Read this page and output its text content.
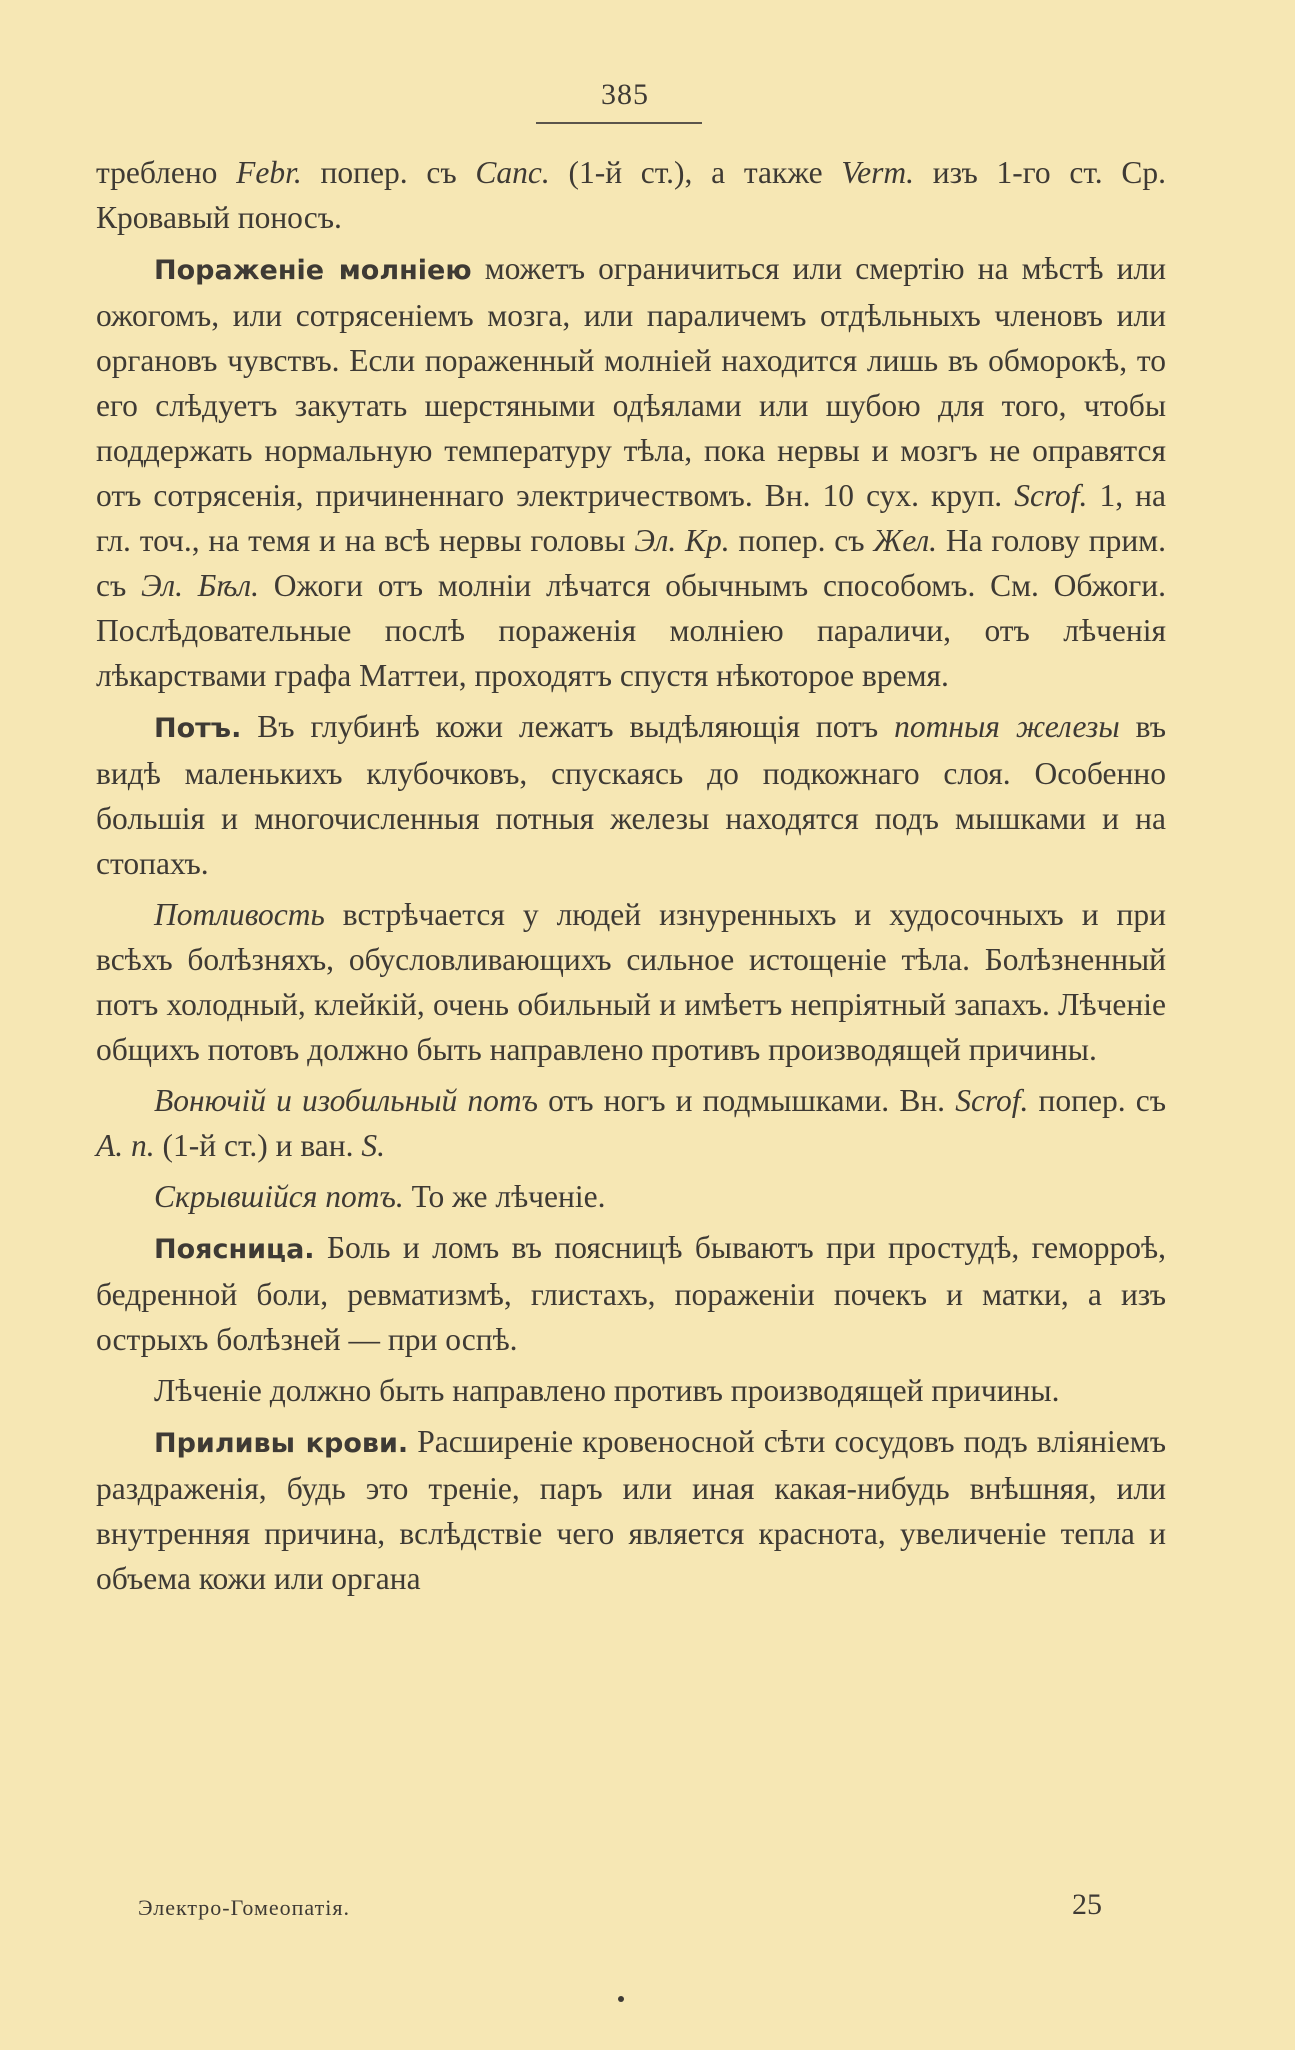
385

треблено Febr. попер. съ Canc. (1-й ст.), а также Verm. изъ 1-го ст. Ср. Кровавый поносъ.

Пораженіе молніею можетъ ограничиться или смертію на мѣстѣ или ожогомъ, или сотрясеніемъ мозга, или параличемъ отдѣльныхъ членовъ или органовъ чувствъ. Если пораженный молніей находится лишь въ обморокѣ, то его слѣдуетъ закутать шерстяными одѣялами или шубою для того, чтобы поддержать нормальную температуру тѣла, пока нервы и мозгъ не оправятся отъ сотрясенія, причиненнаго электричествомъ. Вн. 10 сух. круп. Scrof. 1, на гл. точ., на темя и на всѣ нервы головы Эл. Кр. попер. съ Жел. На голову прим. съ Эл. Бѣл. Ожоги отъ молніи лѣчатся обычнымъ способомъ. См. Обжоги. Послѣдовательные послѣ пораженія молніею параличи, отъ лѣченія лѣкарствами графа Маттеи, проходятъ спустя нѣкоторое время.

Потъ. Въ глубинѣ кожи лежатъ выдѣляющія потъ потныя железы въ видѣ маленькихъ клубочковъ, спускаясь до подкожнаго слоя. Особенно большія и многочисленныя потныя железы находятся подъ мышками и на стопахъ.

Потливость встрѣчается у людей изнуренныхъ и худосочныхъ и при всѣхъ болѣзняхъ, обусловливающихъ сильное истощеніе тѣла. Болѣзненный потъ холодный, клейкій, очень обильный и имѣетъ непріятный запахъ. Лѣченіе общихъ потовъ должно быть направлено противъ производящей причины.

Вонючій и изобильный потъ отъ ногъ и подмышками. Вн. Scrof. попер. съ A. n. (1-й ст.) и ван. S.

Скрывшійся потъ. То же лѣченіе.

Поясница. Боль и ломъ въ поясницѣ бываютъ при простудѣ, геморроѣ, бедренной боли, ревматизмѣ, глистахъ, пораженіи почекъ и матки, а изъ острыхъ болѣзней — при оспѣ.

Лѣченіе должно быть направлено противъ производящей причины.

Приливы крови. Расширеніе кровеносной сѣти сосудовъ подъ вліяніемъ раздраженія, будь это треніе, паръ или иная какая-нибудь внѣшняя, или внутренняя причина, вслѣдствіе чего является краснота, увеличеніе тепла и объема кожи или органа

Электро-Гомеопатія.	25
